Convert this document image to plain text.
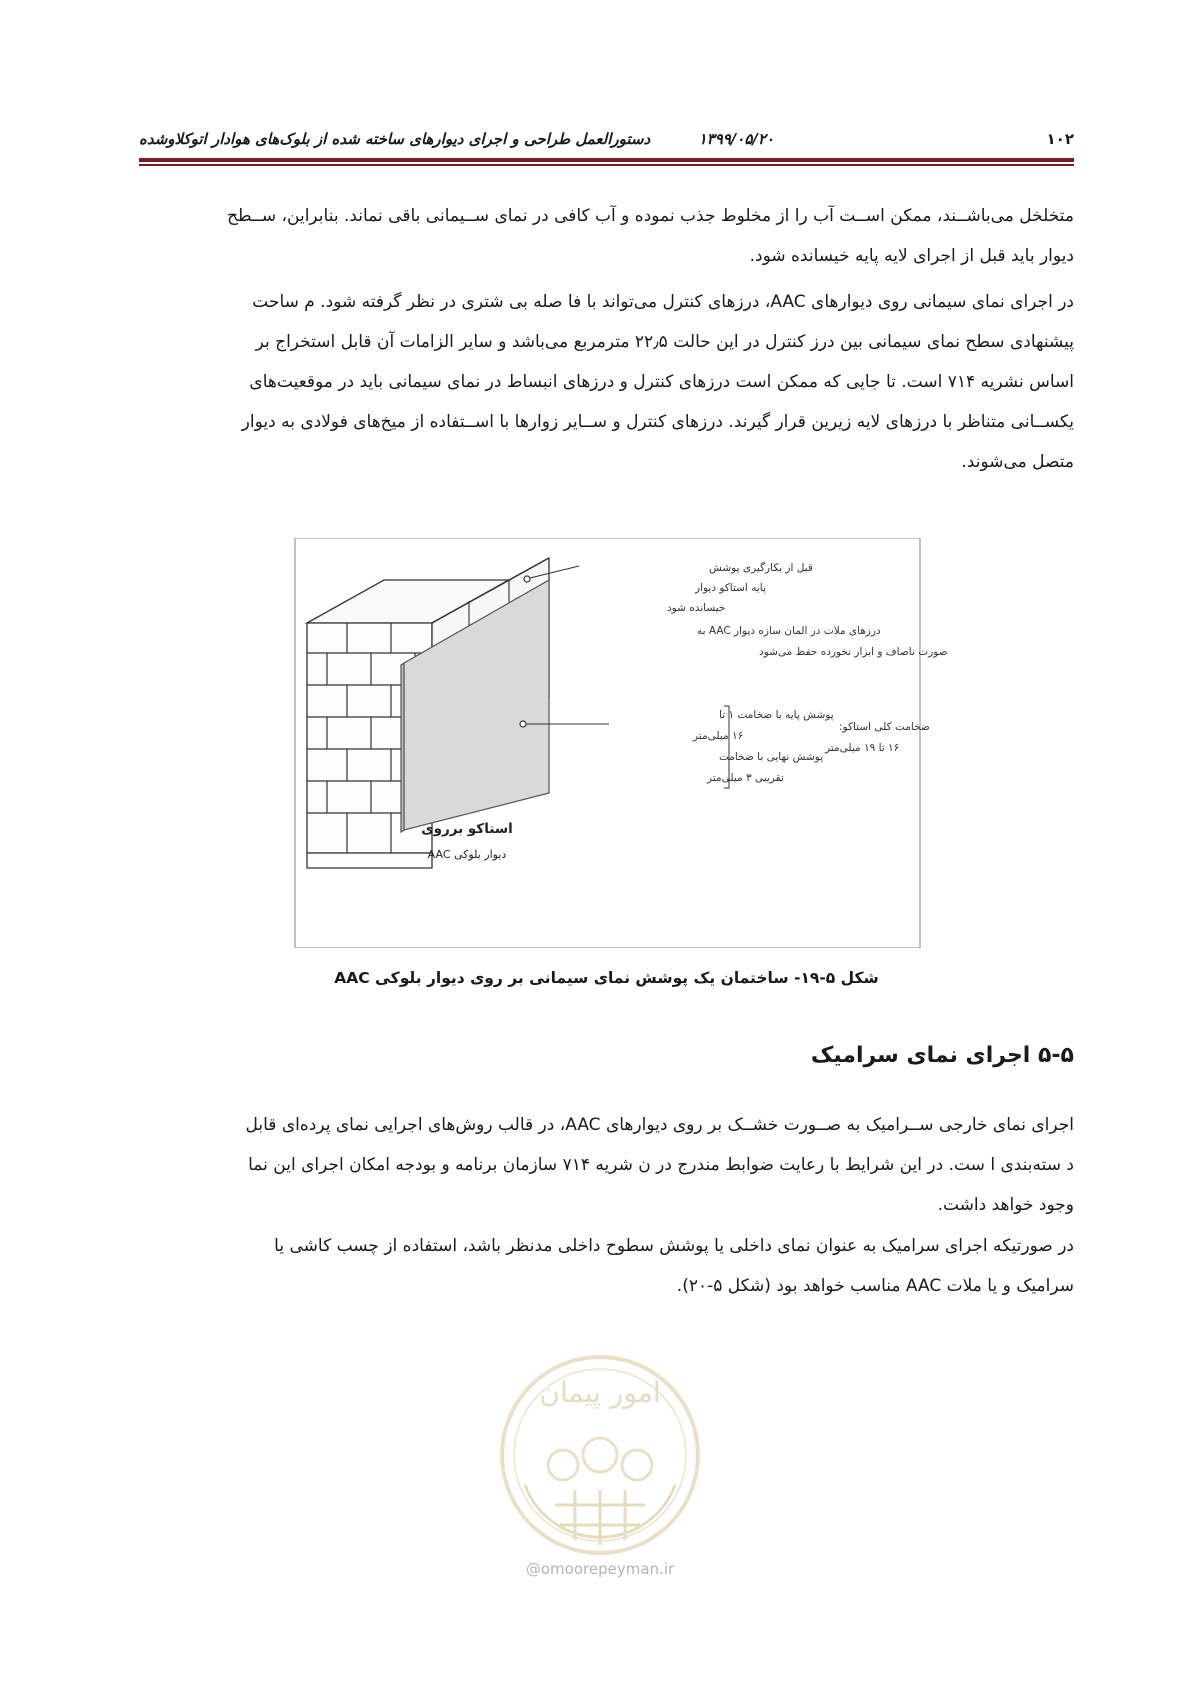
۱۰۲
۱۳۹۹/۰۵/۲۰
دستورالعمل طراحی و اجرای دیوارهای ساخته شده از بلوک‌های هوادار اتوکلاوشده
متخلخل می‌باشــند، ممکن اســت آب را از مخلوط جذب نموده و آب کافی در نمای ســیمانی باقی نماند. بنابراین، ســطح
دیوار باید قبل از اجرای لایه پایه خیسانده شود.
در اجرای نمای سیمانی روی دیوارهای AAC، درزهای کنترل می‌تواند با فا صله بی شتری در نظر گرفته شود. م ساحت
پیشنهادی سطح نمای سیمانی بین درز کنترل در این حالت ۲۲٫۵ مترمربع می‌باشد و سایر الزامات آن قابل استخراج بر
اساس نشریه ۷۱۴ است. تا جایی که ممکن است درزهای کنترل و درزهای انبساط در نمای سیمانی باید در موقعیت‌های
یکســانی متناظر با درزهای لایه زیرین قرار گیرند. درزهای کنترل و ســایر زوارها با اســتفاده از میخ‌های فولادی به دیوار
متصل می‌شوند.
قبل از بکارگیری پوشش
پایه استاکو دیوار
خیسانده شود
درزهای ملات در المان سازه دیوار AAC به
صورت ناصاف و ابزار نخورده حفظ می‌شود
پوشش پایه با ضخامت ۱ تا
۱۶ میلی‌متر
پوشش نهایی با ضخامت
تقریبی ۳ میلی‌متر
ضخامت کلی استاکو:
۱۶ تا ۱۹ میلی‌متر
استاکو برروی
دیوار بلوکی AAC
شکل ۵-۱۹- ساختمان یک پوشش نمای سیمانی بر روی دیوار بلوکی AAC
۵-۵ اجرای نمای سرامیک
اجرای نمای خارجی ســرامیک به صــورت خشــک بر روی دیوارهای AAC، در قالب روش‌های اجرایی نمای پرده‌ای قابل
د سته‌بندی ا ست. در این شرایط با رعایت ضوابط مندرج در ن شریه ۷۱۴ سازمان برنامه و بودجه امکان اجرای این نما
وجود خواهد داشت.
در صورتیکه اجرای سرامیک به عنوان نمای داخلی یا پوشش سطوح داخلی مدنظر باشد، استفاده از چسب کاشی یا
سرامیک و یا ملات AAC مناسب خواهد بود (شکل ۵-۲۰).
امور پیمان
@omoorepeyman.ir
